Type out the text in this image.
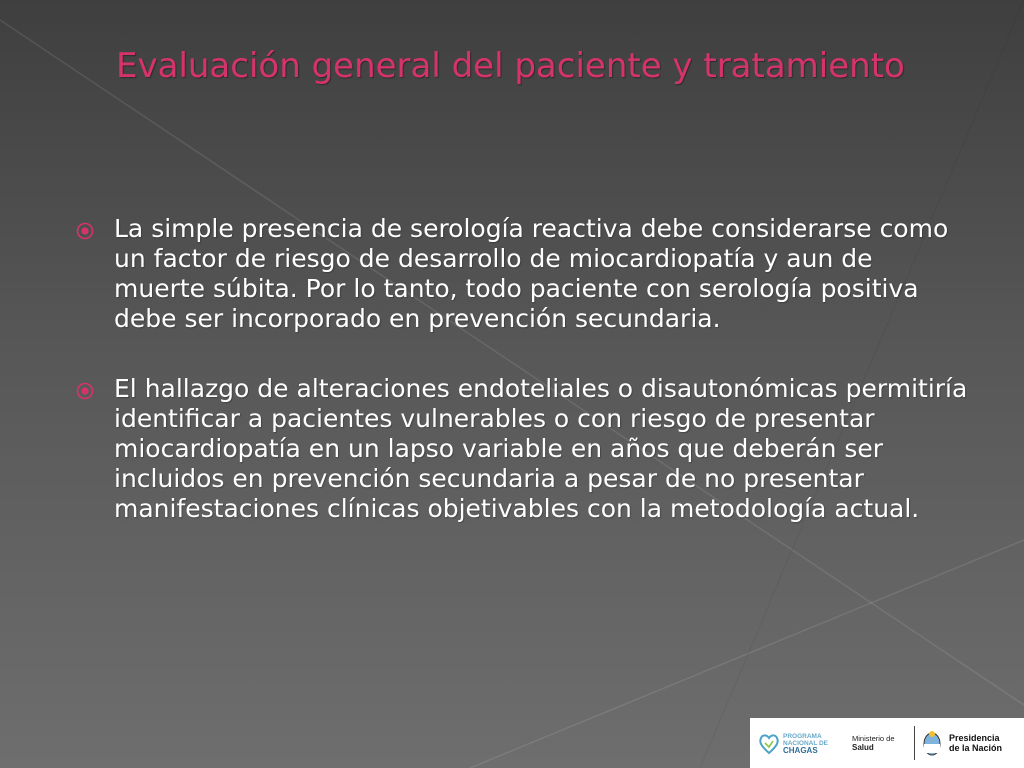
Evaluación general del paciente y tratamiento
La simple presencia de serología reactiva debe considerarse como un factor de riesgo de desarrollo de miocardiopatía y aun de muerte súbita. Por lo tanto, todo paciente con serología positiva debe ser incorporado en prevención secundaria.
El hallazgo de alteraciones endoteliales o disautonómicas permitiría identificar a pacientes vulnerables o con riesgo de presentar miocardiopatía en un lapso variable en años que deberán ser incluidos en prevención secundaria a pesar de no presentar manifestaciones clínicas objetivables con la metodología actual.
PROGRAMA
NACIONAL DE
CHAGAS
Ministerio de
Salud
Presidencia
de la Nación
